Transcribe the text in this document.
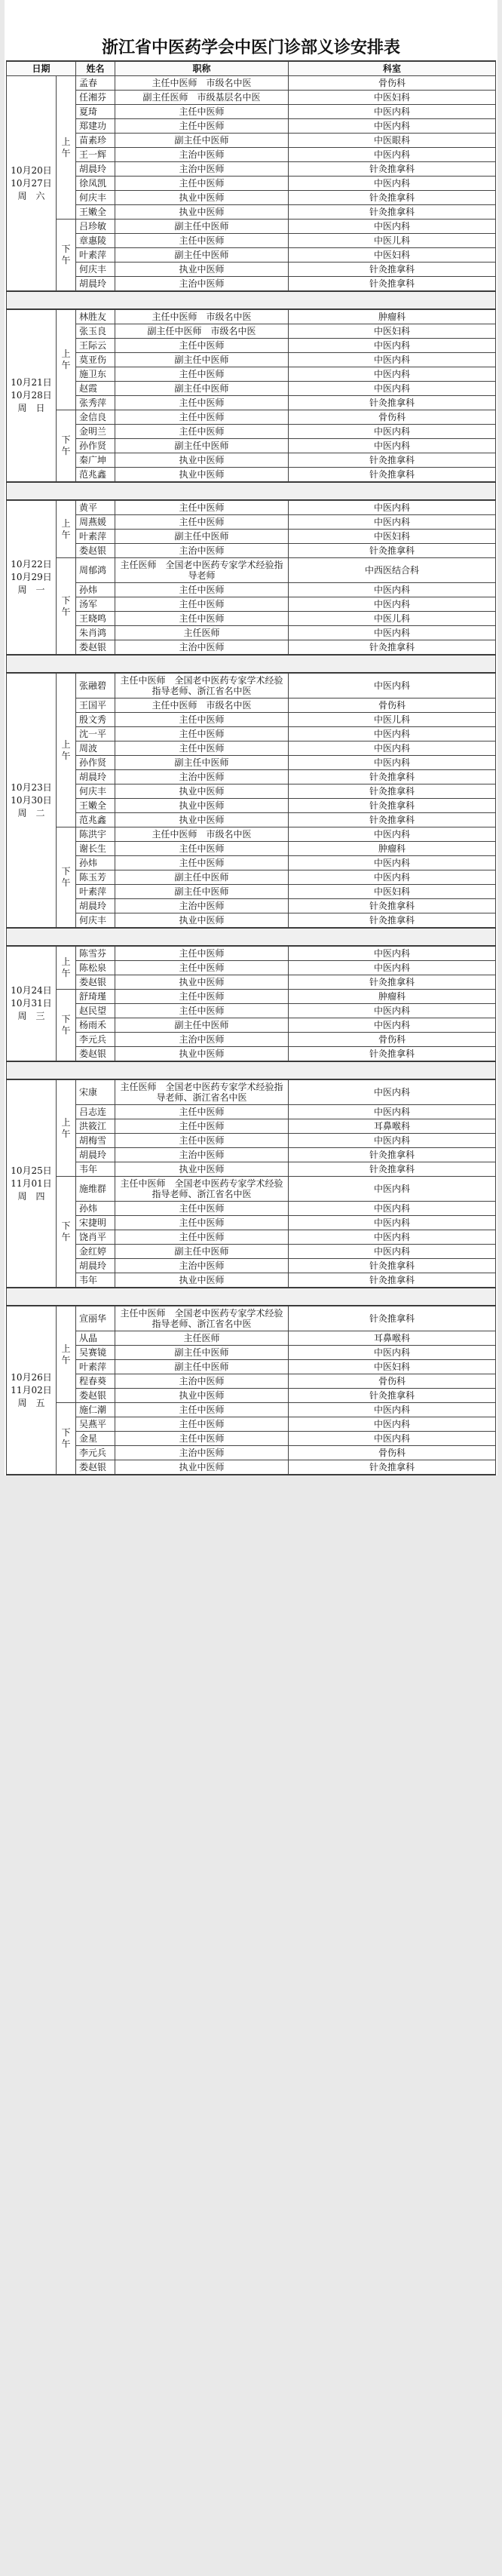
浙江省中医药学会中医门诊部义诊安排表
日期		姓名	职称	科室

10月20日
10月27日
周　六	上午	孟春	主任中医师　市级名中医	骨伤科
		任湘芬	副主任医师　市级基层名中医	中医妇科
		夏琦	主任中医师	中医内科
		郑建功	主任中医师	中医内科
		苗素珍	副主任中医师	中医眼科
		王一辉	主治中医师	中医内科
		胡晨玲	主治中医师	针灸推拿科
		徐凤凯	主任中医师	中医内科
		何庆丰	执业中医师	针灸推拿科
		王嫩全	执业中医师	针灸推拿科
	下午	吕珍敏	副主任中医师	中医内科
		章惠陵	主任中医师	中医儿科
		叶素萍	副主任中医师	中医妇科
		何庆丰	执业中医师	针灸推拿科
		胡晨玲	主治中医师	针灸推拿科
10月21日
10月28日
周　日	上午	林胜友	主任中医师　市级名中医	肿瘤科
		张玉良	副主任中医师　市级名中医	中医妇科
		王际云	主任中医师	中医内科
		莫亚伤	副主任中医师	中医内科
		施卫东	主任中医师	中医内科
		赵霞	副主任中医师	中医内科
		张秀萍	主任中医师	针灸推拿科
	下午	金信良	主任中医师	骨伤科
		金明兰	主任中医师	中医内科
		孙作贤	副主任中医师	中医内科
		秦广坤	执业中医师	针灸推拿科
		范兆鑫	执业中医师	针灸推拿科
10月22日
10月29日
周　一	上午	黄平	主任中医师	中医内科
		周燕媛	主任中医师	中医内科
		叶素萍	副主任中医师	中医妇科
		娄赵银	主治中医师	针灸推拿科
	下午	周郁鸿	主任医师　全国老中医药专家学术经验指导老师	中西医结合科
		孙炜	主任中医师	中医内科
		汤军	主任中医师	中医内科
		王晓鸣	主任中医师	中医儿科
		朱肖鸿	主任医师	中医内科
		娄赵银	主治中医师	针灸推拿科
10月23日
10月30日
周　二	上午	张融碧	主任中医师　全国老中医药专家学术经验指导老师、浙江省名中医	中医内科
		王国平	主任中医师　市级名中医	骨伤科
		殷文秀	主任中医师	中医儿科
		沈一平	主任中医师	中医内科
		周波	主任中医师	中医内科
		孙作贤	副主任中医师	中医内科
		胡晨玲	主治中医师	针灸推拿科
		何庆丰	执业中医师	针灸推拿科
		王嫩全	执业中医师	针灸推拿科
		范兆鑫	执业中医师	针灸推拿科
	下午	陈洪宇	主任中医师　市级名中医	中医内科
		谢长生	主任中医师	肿瘤科
		孙炜	主任中医师	中医内科
		陈玉芳	副主任中医师	中医内科
		叶素萍	副主任中医师	中医妇科
		胡晨玲	主治中医师	针灸推拿科
		何庆丰	执业中医师	针灸推拿科
10月24日
10月31日
周　三	上午	陈雪芬	主任中医师	中医内科
		陈松泉	主任中医师	中医内科
		娄赵银	执业中医师	针灸推拿科
	下午	舒琦瑾	主任中医师	肿瘤科
		赵民望	主任中医师	中医内科
		杨雨禾	副主任中医师	中医内科
		李元兵	主治中医师	骨伤科
		娄赵银	执业中医师	针灸推拿科
10月25日
11月01日
周　四	上午	宋康	主任医师　全国老中医药专家学术经验指导老师、浙江省名中医	中医内科
		吕志连	主任中医师	中医内科
		洪筱江	主任中医师	耳鼻喉科
		胡梅雪	主任中医师	中医内科
		胡晨玲	主治中医师	针灸推拿科
		韦年	执业中医师	针灸推拿科
	下午	施维群	主任中医师　全国老中医药专家学术经验指导老师、浙江省名中医	中医内科
		孙炜	主任中医师	中医内科
		宋捷明	主任中医师	中医内科
		饶肖平	主任中医师	中医内科
		金红婷	副主任中医师	中医内科
		胡晨玲	主治中医师	针灸推拿科
		韦年	执业中医师	针灸推拿科
10月26日
11月02日
周　五	上午	宣丽华	主任中医师　全国老中医药专家学术经验指导老师、浙江省名中医	针灸推拿科
		从晶	主任医师	耳鼻喉科
		吴赛镜	副主任中医师	中医内科
		叶素萍	副主任中医师	中医妇科
		程春葵	主治中医师	骨伤科
		娄赵银	执业中医师	针灸推拿科
	下午	施仁潮	主任中医师	中医内科
		吴燕平	主任中医师	中医内科
		金星	主任中医师	中医内科
		李元兵	主治中医师	骨伤科
		娄赵银	执业中医师	针灸推拿科
